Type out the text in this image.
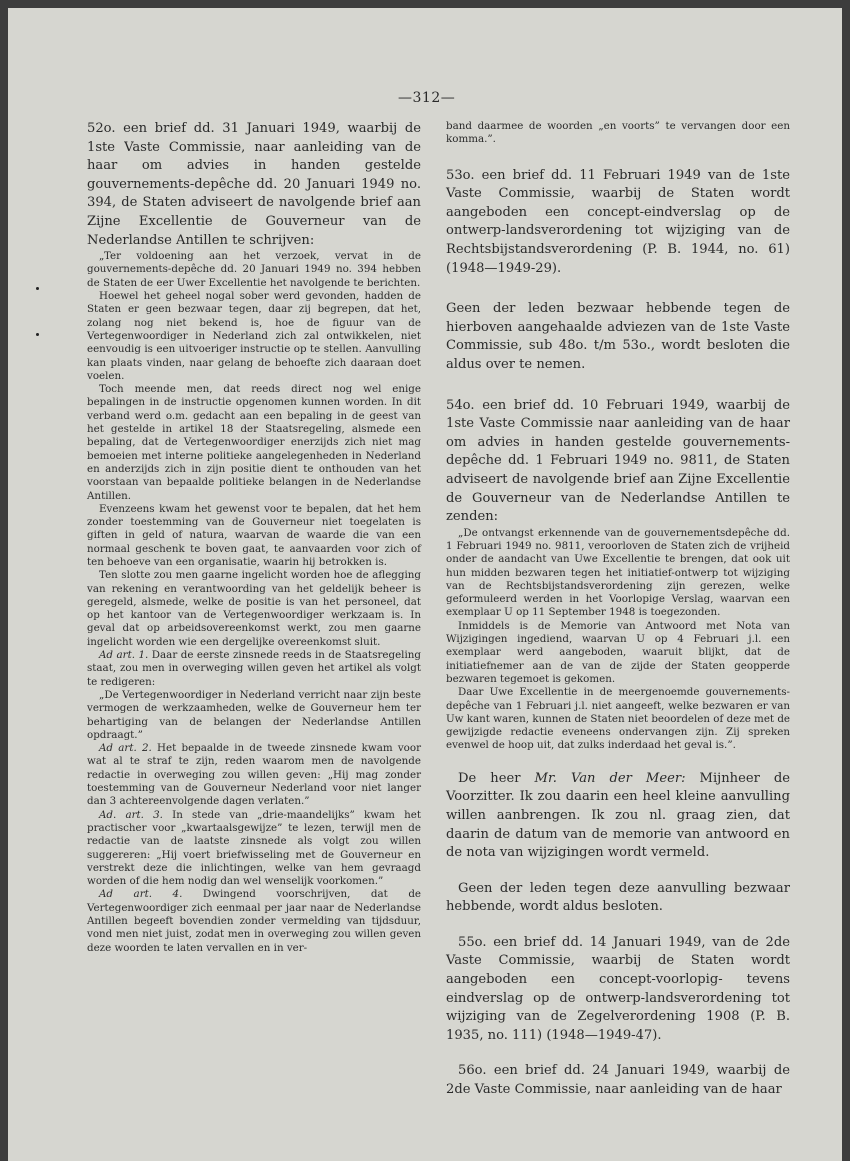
—312—

52o. een brief dd. 31 Januari 1949, waarbij de 1ste Vaste Commissie, naar aanleiding van de haar om advies in handen gestelde gouvernements-depêche dd. 20 Januari 1949 no. 394, de Staten adviseert de navolgende brief aan Zijne Excellentie de Gouverneur van de Nederlandse Antillen te schrijven:

„Ter voldoening aan het verzoek, vervat in de gouvernements-depêche dd. 20 Januari 1949 no. 394 hebben de Staten de eer Uwer Excellentie het navolgende te berichten.

Hoewel het geheel nogal sober werd gevonden, hadden de Staten er geen bezwaar tegen, daar zij begrepen, dat het, zolang nog niet bekend is, hoe de figuur van de Vertegenwoordiger in Nederland zich zal ontwikkelen, niet eenvoudig is een uitvoeriger instructie op te stellen. Aanvulling kan plaats vinden, naar gelang de behoefte zich daaraan doet voelen.

Toch meende men, dat reeds direct nog wel enige bepalingen in de instructie opgenomen kunnen worden. In dit verband werd o.m. gedacht aan een bepaling in de geest van het gestelde in artikel 18 der Staatsregeling, alsmede een bepaling, dat de Vertegenwoordiger enerzijds zich niet mag bemoeien met interne politieke aangelegenheden in Nederland en anderzijds zich in zijn positie dient te onthouden van het voorstaan van bepaalde politieke belangen in de Nederlandse Antillen.

Evenzeens kwam het gewenst voor te bepalen, dat het hem zonder toestemming van de Gouverneur niet toegelaten is giften in geld of natura, waarvan de waarde die van een normaal geschenk te boven gaat, te aanvaarden voor zich of ten behoeve van een organisatie, waarin hij betrokken is.

Ten slotte zou men gaarne ingelicht worden hoe de aflegging van rekening en verantwoording van het geldelijk beheer is geregeld, alsmede, welke de positie is van het personeel, dat op het kantoor van de Vertegenwoordiger werkzaam is. In geval dat op arbeidsovereenkomst werkt, zou men gaarne ingelicht worden wie een dergelijke overeenkomst sluit.

Ad art. 1. Daar de eerste zinsnede reeds in de Staatsregeling staat, zou men in overweging willen geven het artikel als volgt te redigeren:

„De Vertegenwoordiger in Nederland verricht naar zijn beste vermogen de werkzaamheden, welke de Gouverneur hem ter behartiging van de belangen der Nederlandse Antillen opdraagt.”

Ad art. 2. Het bepaalde in de tweede zinsnede kwam voor wat al te straf te zijn, reden waarom men de navolgende redactie in overweging zou willen geven: „Hij mag zonder toestemming van de Gouverneur Nederland voor niet langer dan 3 achtereenvolgende dagen verlaten.”

Ad. art. 3. In stede van „drie-maandelijks” kwam het practischer voor „kwartaalsgewijze” te lezen, terwijl men de redactie van de laatste zinsnede als volgt zou willen suggereren: „Hij voert briefwisseling met de Gouverneur en verstrekt deze die inlichtingen, welke van hem gevraagd worden of die hem nodig dan wel wenselijk voorkomen.”

Ad art. 4. Dwingend voorschrijven, dat de Vertegenwoordiger zich eenmaal per jaar naar de Nederlandse Antillen begeeft bovendien zonder vermelding van tijdsduur, vond men niet juist, zodat men in overweging zou willen geven deze woorden te laten vervallen en in ver-

band daarmee de woorden „en voorts” te vervangen door een komma.”.

53o. een brief dd. 11 Februari 1949 van de 1ste Vaste Commissie, waarbij de Staten wordt aangeboden een concept-eindverslag op de ontwerp-landsverordening tot wijziging van de Rechtsbijstandsverordening (P. B. 1944, no. 61) (1948—1949-29).

Geen der leden bezwaar hebbende tegen de hierboven aangehaalde adviezen van de 1ste Vaste Commissie, sub 48o. t/m 53o., wordt besloten die aldus over te nemen.

54o. een brief dd. 10 Februari 1949, waarbij de 1ste Vaste Commissie naar aanleiding van de haar om advies in handen gestelde gouvernements-depêche dd. 1 Februari 1949 no. 9811, de Staten adviseert de navolgende brief aan Zijne Excellentie de Gouverneur van de Nederlandse Antillen te zenden:

„De ontvangst erkennende van de gouvernementsdepêche dd. 1 Februari 1949 no. 9811, veroorloven de Staten zich de vrijheid onder de aandacht van Uwe Excellentie te brengen, dat ook uit hun midden bezwaren tegen het initiatief-ontwerp tot wijziging van de Rechtsbijstandsverordening zijn gerezen, welke geformuleerd werden in het Voorlopige Verslag, waarvan een exemplaar U op 11 September 1948 is toegezonden.

Inmiddels is de Memorie van Antwoord met Nota van Wijzigingen ingediend, waarvan U op 4 Februari j.l. een exemplaar werd aangeboden, waaruit blijkt, dat de initiatiefnemer aan de van de zijde der Staten geopperde bezwaren tegemoet is gekomen.

Daar Uwe Excellentie in de meergenoemde gouvernements-depêche van 1 Februari j.l. niet aangeeft, welke bezwaren er van Uw kant waren, kunnen de Staten niet beoordelen of deze met de gewijzigde redactie eveneens ondervangen zijn. Zij spreken evenwel de hoop uit, dat zulks inderdaad het geval is.”.

De heer Mr. Van der Meer: Mijnheer de Voorzitter. Ik zou daarin een heel kleine aanvulling willen aanbrengen. Ik zou nl. graag zien, dat daarin de datum van de memorie van antwoord en de nota van wijzigingen wordt vermeld.

Geen der leden tegen deze aanvulling bezwaar hebbende, wordt aldus besloten.

55o. een brief dd. 14 Januari 1949, van de 2de Vaste Commissie, waarbij de Staten wordt aangeboden een concept-voorlopig- tevens eindverslag op de ontwerp-landsverordening tot wijziging van de Zegelverordening 1908 (P. B. 1935, no. 111) (1948—1949-47).

56o. een brief dd. 24 Januari 1949, waarbij de 2de Vaste Commissie, naar aanleiding van de haar
